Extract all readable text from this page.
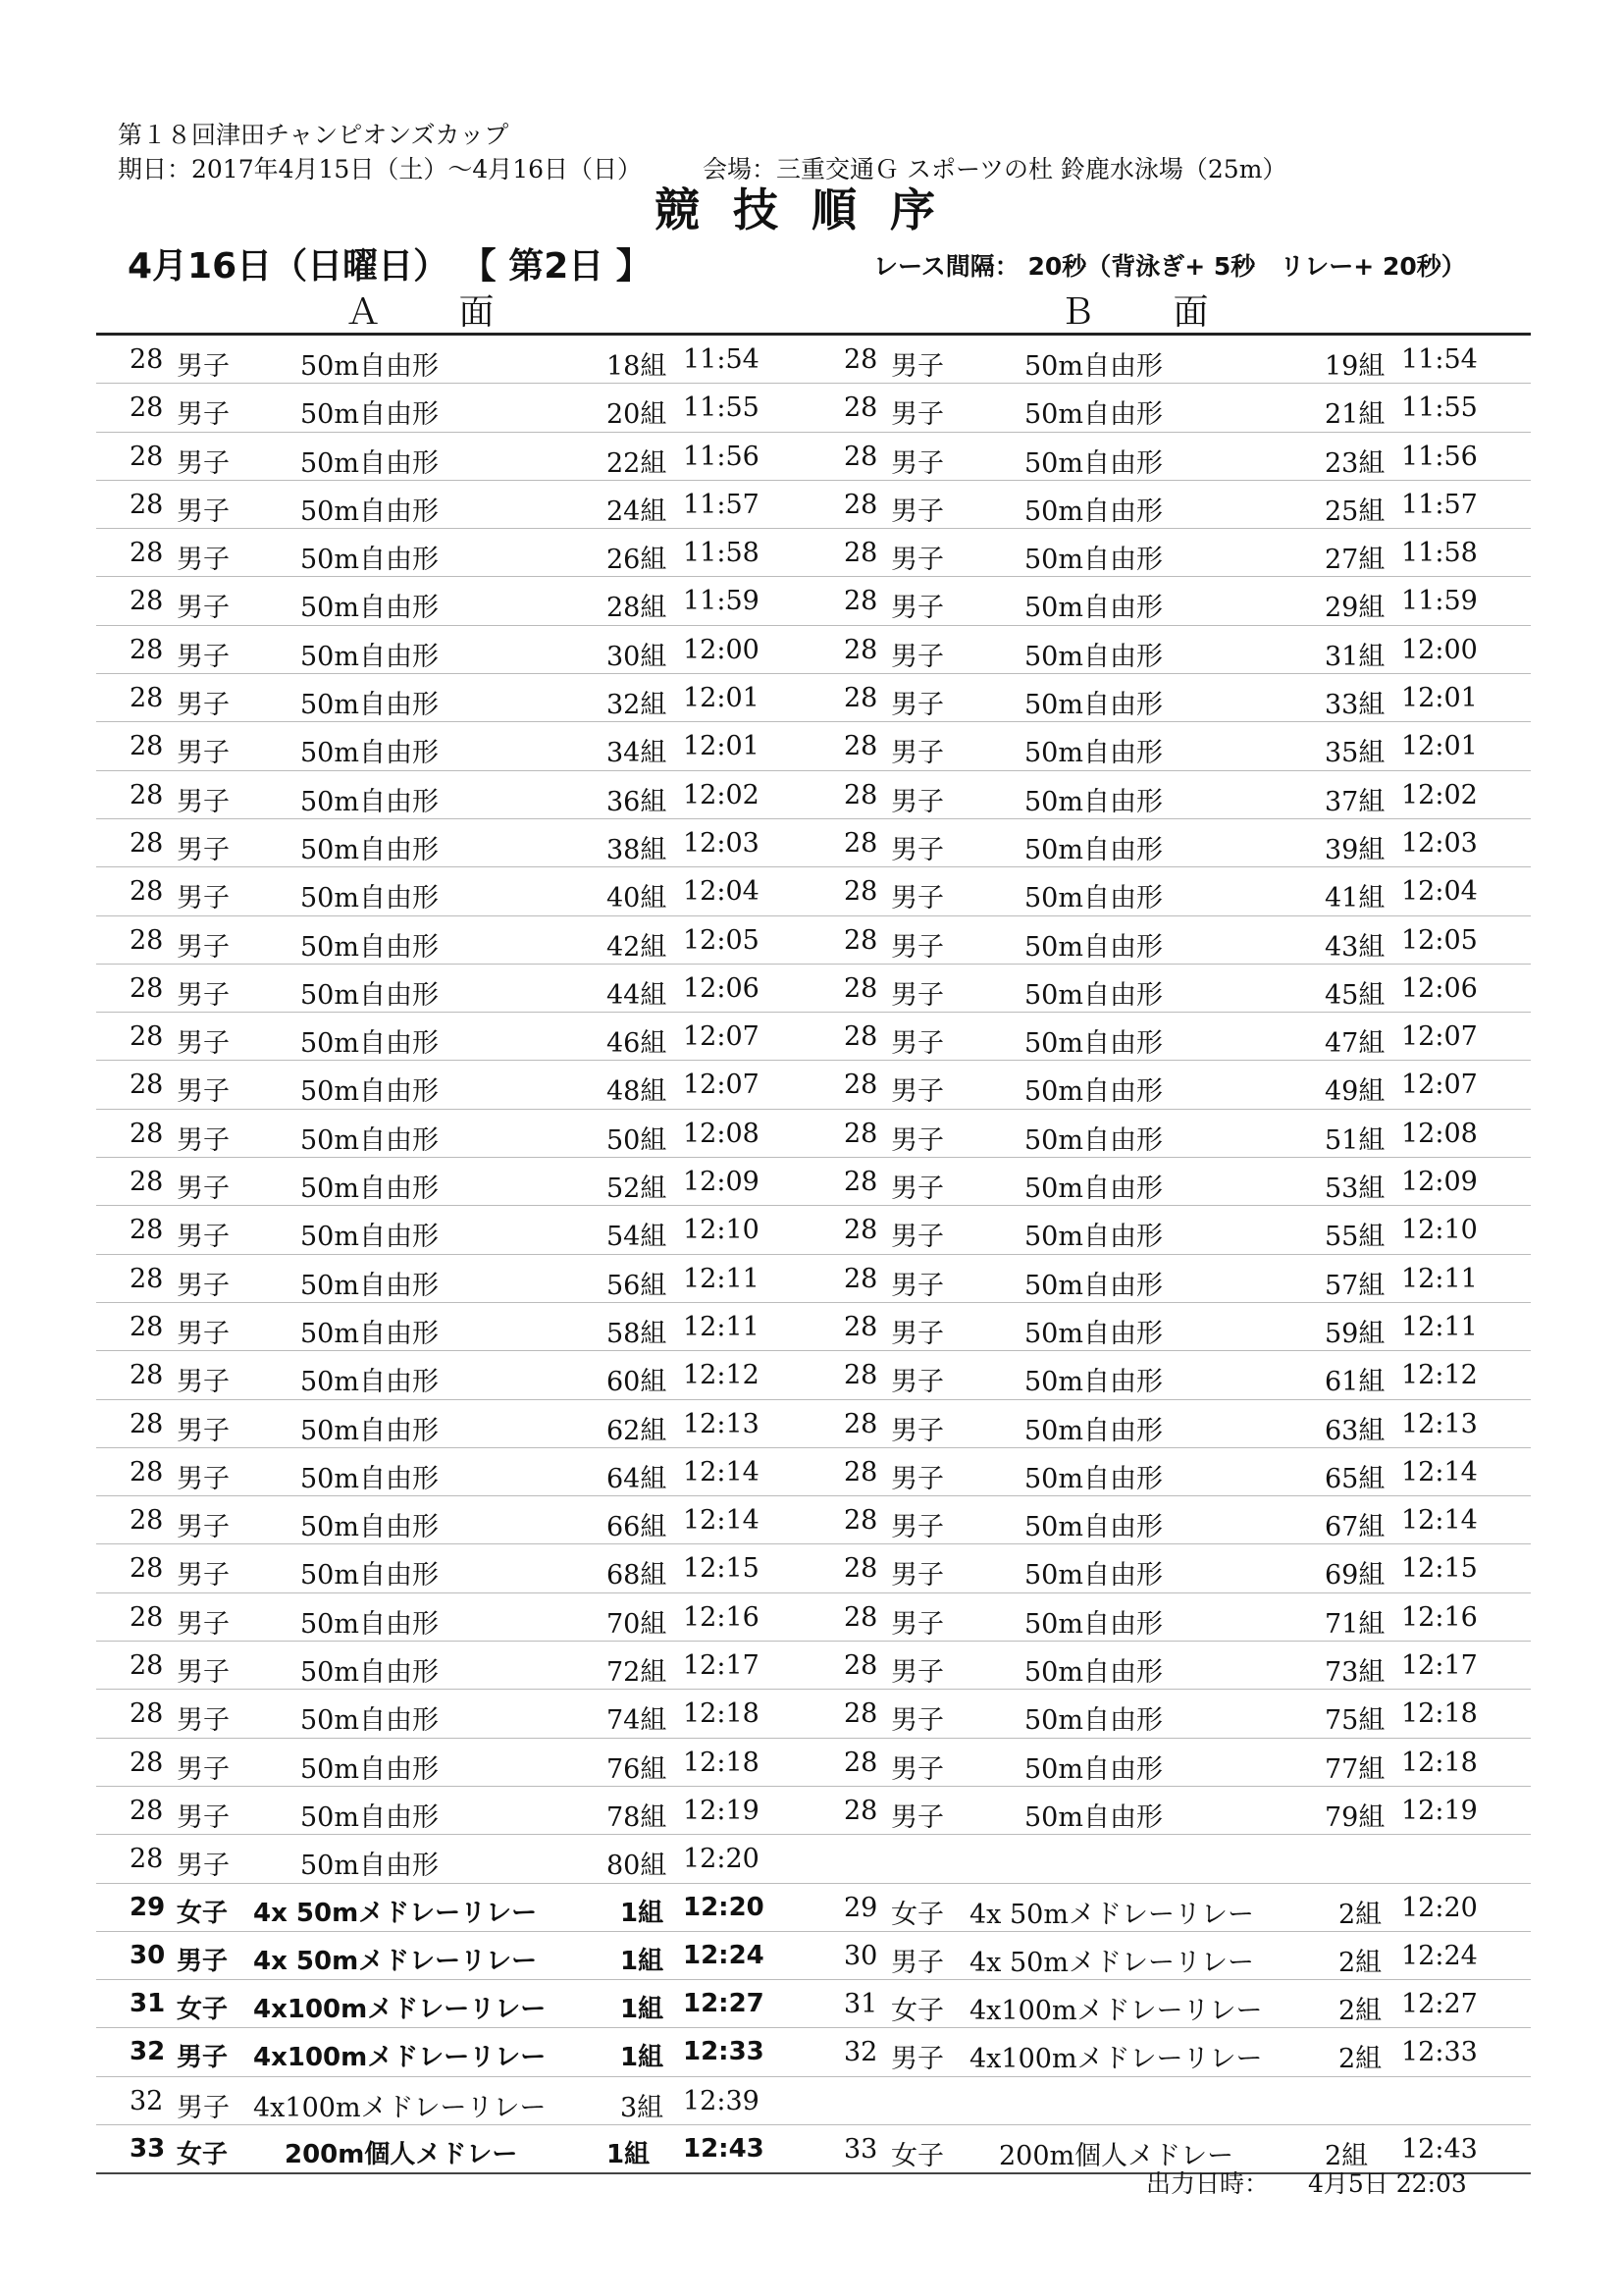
第１８回津田チャンピオンズカップ
期日：2017年4月15日（土）～4月16日（日） 会場：三重交通Ｇ スポーツの杜 鈴鹿水泳場（25m）
競技順序
4月16日（日曜日） 【 第2日 】	レース間隔： 20秒（背泳ぎ+ 5秒　リレー+ 20秒）
Ａ 面	Ｂ 面
28 男子	50m自由形	18組 11:54	28 男子	50m自由形	19組 11:54
28 男子	50m自由形	20組 11:55	28 男子	50m自由形	21組 11:55
28 男子	50m自由形	22組 11:56	28 男子	50m自由形	23組 11:56
28 男子	50m自由形	24組 11:57	28 男子	50m自由形	25組 11:57
28 男子	50m自由形	26組 11:58	28 男子	50m自由形	27組 11:58
28 男子	50m自由形	28組 11:59	28 男子	50m自由形	29組 11:59
28 男子	50m自由形	30組 12:00	28 男子	50m自由形	31組 12:00
28 男子	50m自由形	32組 12:01	28 男子	50m自由形	33組 12:01
28 男子	50m自由形	34組 12:01	28 男子	50m自由形	35組 12:01
28 男子	50m自由形	36組 12:02	28 男子	50m自由形	37組 12:02
28 男子	50m自由形	38組 12:03	28 男子	50m自由形	39組 12:03
28 男子	50m自由形	40組 12:04	28 男子	50m自由形	41組 12:04
28 男子	50m自由形	42組 12:05	28 男子	50m自由形	43組 12:05
28 男子	50m自由形	44組 12:06	28 男子	50m自由形	45組 12:06
28 男子	50m自由形	46組 12:07	28 男子	50m自由形	47組 12:07
28 男子	50m自由形	48組 12:07	28 男子	50m自由形	49組 12:07
28 男子	50m自由形	50組 12:08	28 男子	50m自由形	51組 12:08
28 男子	50m自由形	52組 12:09	28 男子	50m自由形	53組 12:09
28 男子	50m自由形	54組 12:10	28 男子	50m自由形	55組 12:10
28 男子	50m自由形	56組 12:11	28 男子	50m自由形	57組 12:11
28 男子	50m自由形	58組 12:11	28 男子	50m自由形	59組 12:11
28 男子	50m自由形	60組 12:12	28 男子	50m自由形	61組 12:12
28 男子	50m自由形	62組 12:13	28 男子	50m自由形	63組 12:13
28 男子	50m自由形	64組 12:14	28 男子	50m自由形	65組 12:14
28 男子	50m自由形	66組 12:14	28 男子	50m自由形	67組 12:14
28 男子	50m自由形	68組 12:15	28 男子	50m自由形	69組 12:15
28 男子	50m自由形	70組 12:16	28 男子	50m自由形	71組 12:16
28 男子	50m自由形	72組 12:17	28 男子	50m自由形	73組 12:17
28 男子	50m自由形	74組 12:18	28 男子	50m自由形	75組 12:18
28 男子	50m自由形	76組 12:18	28 男子	50m自由形	77組 12:18
28 男子	50m自由形	78組 12:19	28 男子	50m自由形	79組 12:19
28 男子	50m自由形	80組 12:20
29 女子 4x 50mメドレーリレー	1組 12:20	29 女子 4x 50mメドレーリレー	2組 12:20
30 男子 4x 50mメドレーリレー	1組 12:24	30 男子 4x 50mメドレーリレー	2組 12:24
31 女子 4x100mメドレーリレー	1組 12:27	31 女子 4x100mメドレーリレー	2組 12:27
32 男子 4x100mメドレーリレー	1組 12:33	32 男子 4x100mメドレーリレー	2組 12:33
32 男子 4x100mメドレーリレー	3組 12:39
33 女子 200m個人メドレー	1組 12:43	33 女子 200m個人メドレー	2組 12:43
出力日時： 4月5日 22:03
